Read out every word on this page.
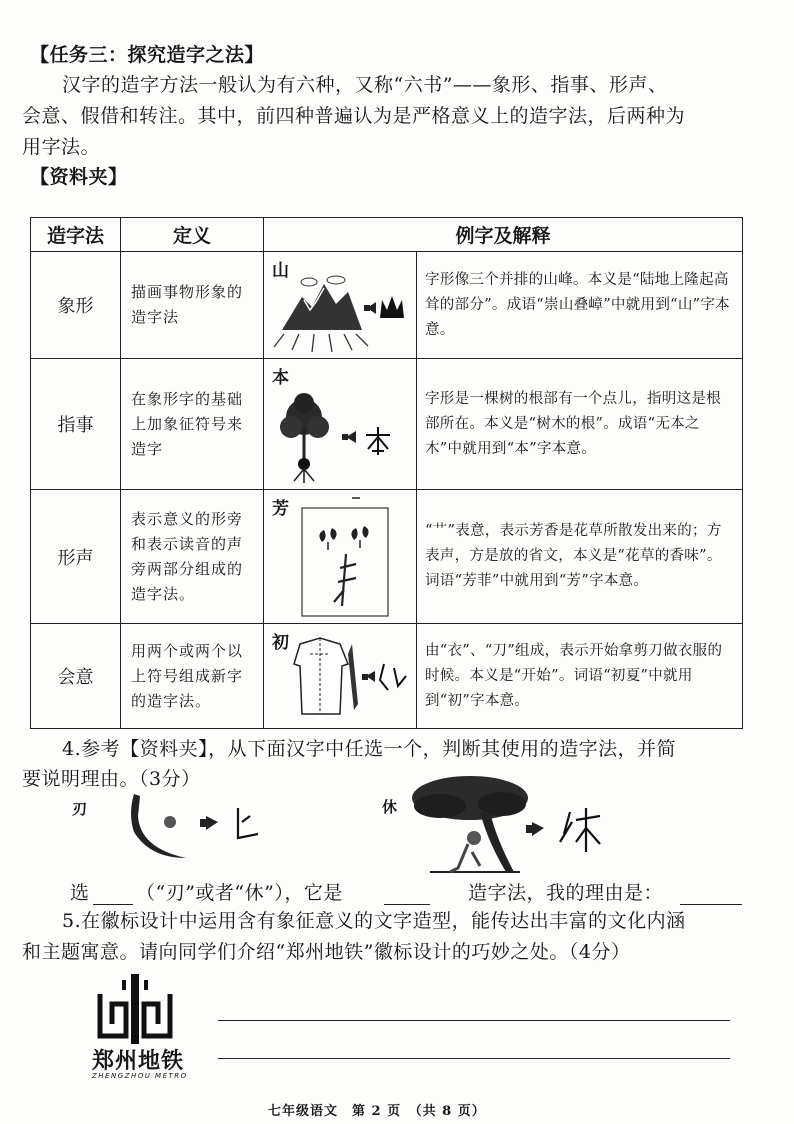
【任务三：探究造字之法】
汉字的造字方法一般认为有六种，又称“六书”——象形、指事、形声、
会意、假借和转注。其中，前四种普遍认为是严格意义上的造字法，后两种为
用字法。
【资料夹】
造字法	定义	例字及解释	
象形	描画事物形象的造字法	山	字形像三个并排的山峰。本义是“陆地上隆起高耸的部分”。成语“崇山叠嶂”中就用到“山”字本意。
指事	在象形字的基础上加象征符号来造字	本	字形是一棵树的根部有一个点儿，指明这是根部所在。本义是“树木的根”。成语“无本之木”中就用到“本”字本意。
形声	表示意义的形旁和表示读音的声旁两部分组成的造字法。	芳	“艹”表意，表示芳香是花草所散发出来的；方表声，方是放的省文，本义是“花草的香味”。词语“芳菲”中就用到“芳”字本意。
会意	用两个或两个以上符号组成新字的造字法。	初	由“衣”、“刀”组成，表示开始拿剪刀做衣服的时候。本义是“开始”。词语“初夏”中就用到“初”字本意。
4.参考【资料夹】，从下面汉字中任选一个，判断其使用的造字法，并简
要说明理由。（3分）
刃	休
选 （“刃”或者“休”），它是	造字法，我的理由是：
5.在徽标设计中运用含有象征意义的文字造型，能传达出丰富的文化内涵
和主题寓意。请向同学们介绍“郑州地铁”徽标设计的巧妙之处。（4分）
郑州地铁
ZHENGZHOU METRO
七年级语文　第 2 页　（共 8 页）
